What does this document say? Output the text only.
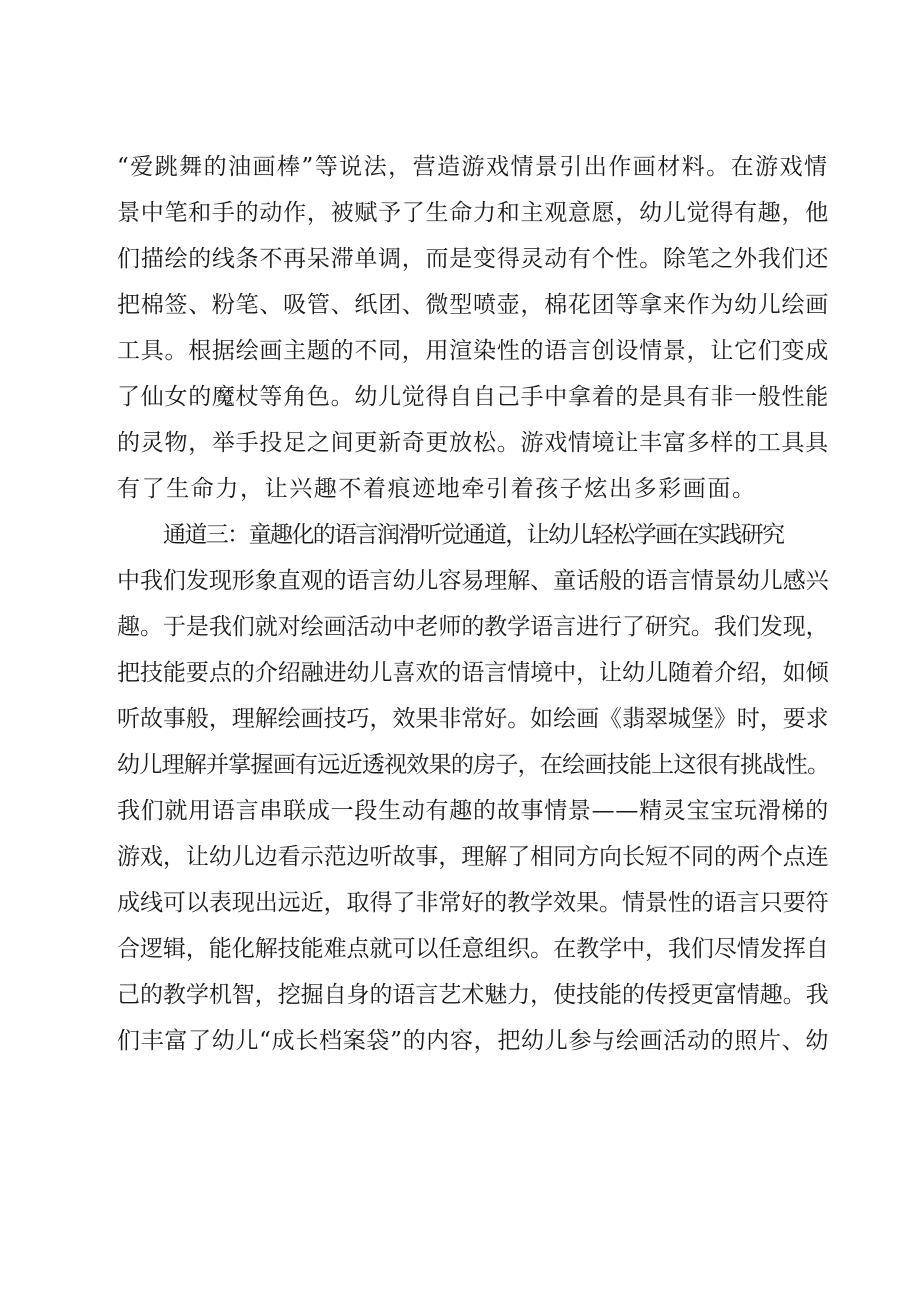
“爱跳舞的油画棒”等说法，营造游戏情景引出作画材料。在游戏情
景中笔和手的动作，被赋予了生命力和主观意愿，幼儿觉得有趣，他
们描绘的线条不再呆滞单调，而是变得灵动有个性。除笔之外我们还
把棉签、粉笔、吸管、纸团、微型喷壶，棉花团等拿来作为幼儿绘画
工具。根据绘画主题的不同，用渲染性的语言创设情景，让它们变成
了仙女的魔杖等角色。幼儿觉得自自己手中拿着的是具有非一般性能
的灵物，举手投足之间更新奇更放松。游戏情境让丰富多样的工具具
有了生命力，让兴趣不着痕迹地牵引着孩子炫出多彩画面。
通道三：童趣化的语言润滑听觉通道，让幼儿轻松学画在实践研究
中我们发现形象直观的语言幼儿容易理解、童话般的语言情景幼儿感兴
趣。于是我们就对绘画活动中老师的教学语言进行了研究。我们发现，
把技能要点的介绍融进幼儿喜欢的语言情境中，让幼儿随着介绍，如倾
听故事般，理解绘画技巧，效果非常好。如绘画《翡翠城堡》时，要求
幼儿理解并掌握画有远近透视效果的房子，在绘画技能上这很有挑战性。
我们就用语言串联成一段生动有趣的故事情景——精灵宝宝玩滑梯的
游戏，让幼儿边看示范边听故事，理解了相同方向长短不同的两个点连
成线可以表现出远近，取得了非常好的教学效果。情景性的语言只要符
合逻辑，能化解技能难点就可以任意组织。在教学中，我们尽情发挥自
己的教学机智，挖掘自身的语言艺术魅力，使技能的传授更富情趣。我
们丰富了幼儿“成长档案袋”的内容，把幼儿参与绘画活动的照片、幼
